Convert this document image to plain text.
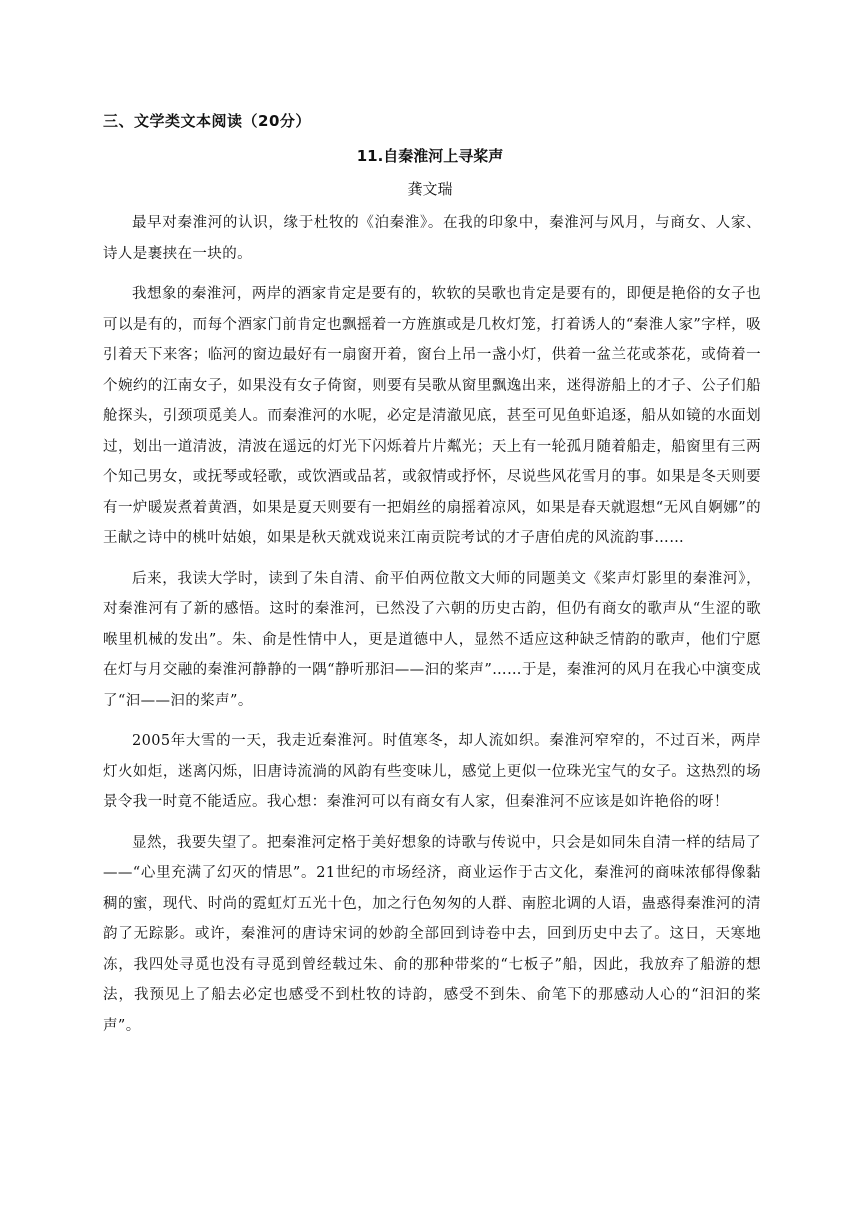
三、文学类文本阅读（20分）
11.自秦淮河上寻桨声

龚文瑞

最早对秦淮河的认识，缘于杜牧的《泊秦淮》。在我的印象中，秦淮河与风月，与商女、人家、诗人是裹挟在一块的。

我想象的秦淮河，两岸的酒家肯定是要有的，软软的吴歌也肯定是要有的，即便是艳俗的女子也可以是有的，而每个酒家门前肯定也飘摇着一方旌旗或是几枚灯笼，打着诱人的“秦淮人家”字样，吸引着天下来客；临河的窗边最好有一扇窗开着，窗台上吊一盏小灯，供着一盆兰花或茶花，或倚着一个婉约的江南女子，如果没有女子倚窗，则要有吴歌从窗里飘逸出来，迷得游船上的才子、公子们船舱探头，引颈项觅美人。而秦淮河的水呢，必定是清澈见底，甚至可见鱼虾追逐，船从如镜的水面划过，划出一道清波，清波在遥远的灯光下闪烁着片片粼光；天上有一轮孤月随着船走，船窗里有三两个知己男女，或抚琴或轻歌，或饮酒或品茗，或叙情或抒怀，尽说些风花雪月的事。如果是冬天则要有一炉暖炭煮着黄酒，如果是夏天则要有一把娟丝的扇摇着凉风，如果是春天就遐想“无风自婀娜”的王献之诗中的桃叶姑娘，如果是秋天就戏说来江南贡院考试的才子唐伯虎的风流韵事……

后来，我读大学时，读到了朱自清、俞平伯两位散文大师的同题美文《桨声灯影里的秦淮河》，对秦淮河有了新的感悟。这时的秦淮河，已然没了六朝的历史古韵，但仍有商女的歌声从“生涩的歌喉里机械的发出”。朱、俞是性情中人，更是道德中人，显然不适应这种缺乏情韵的歌声，他们宁愿在灯与月交融的秦淮河静静的一隅“静听那汩——汩的桨声”……于是，秦淮河的风月在我心中演变成了“汩——汩的桨声”。

2005年大雪的一天，我走近秦淮河。时值寒冬，却人流如织。秦淮河窄窄的，不过百米，两岸灯火如炬，迷离闪烁，旧唐诗流淌的风韵有些变味儿，感觉上更似一位珠光宝气的女子。这热烈的场景令我一时竟不能适应。我心想：秦淮河可以有商女有人家，但秦淮河不应该是如许艳俗的呀！

显然，我要失望了。把秦淮河定格于美好想象的诗歌与传说中，只会是如同朱自清一样的结局了——“心里充满了幻灭的情思”。21世纪的市场经济，商业运作于古文化，秦淮河的商味浓郁得像黏稠的蜜，现代、时尚的霓虹灯五光十色，加之行色匆匆的人群、南腔北调的人语，蛊惑得秦淮河的清韵了无踪影。或许，秦淮河的唐诗宋词的妙韵全部回到诗卷中去，回到历史中去了。这日，天寒地冻，我四处寻觅也没有寻觅到曾经载过朱、俞的那种带桨的“七板子”船，因此，我放弃了船游的想法，我预见上了船去必定也感受不到杜牧的诗韵，感受不到朱、俞笔下的那感动人心的“汩汩的桨声”。
